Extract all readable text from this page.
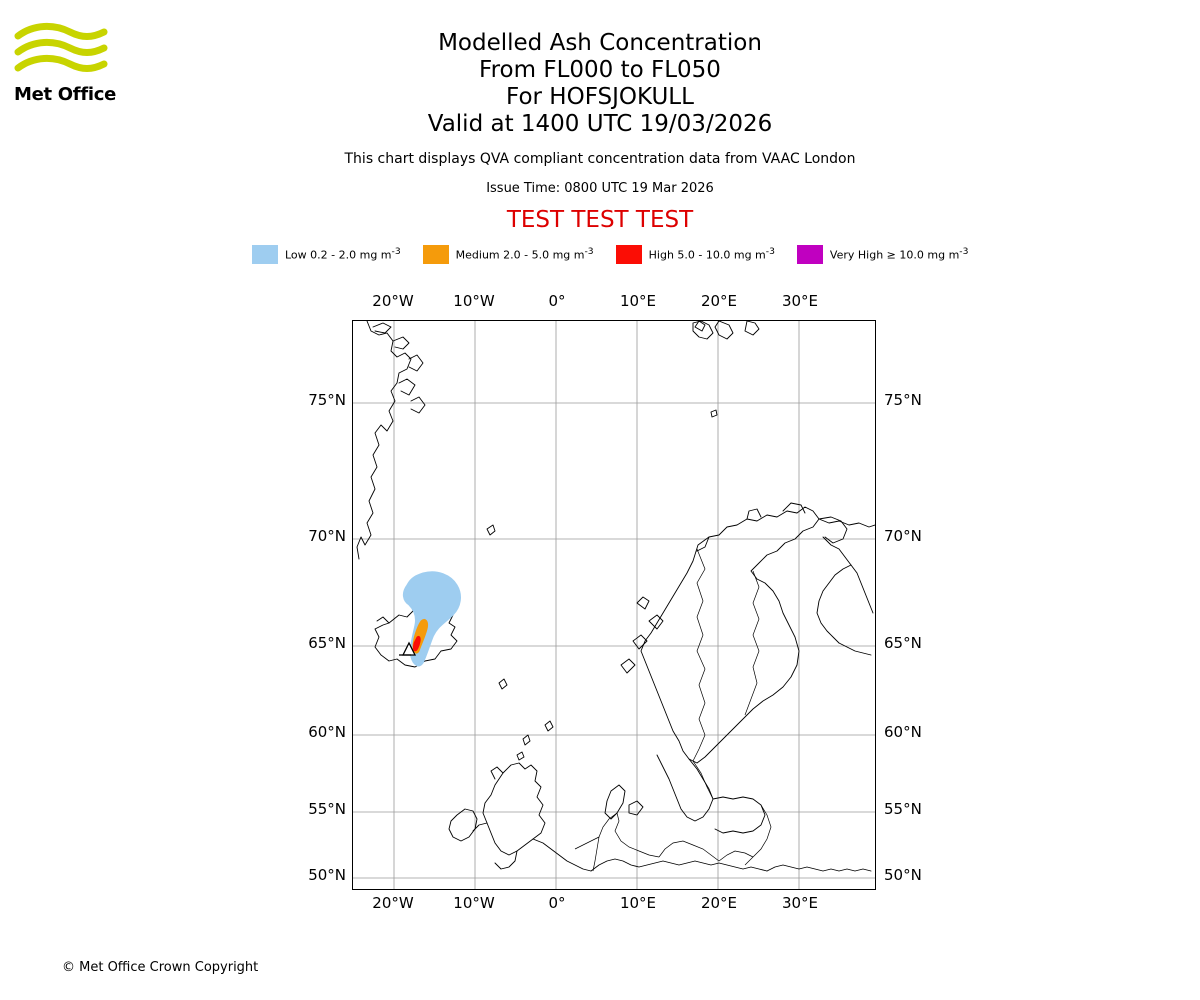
Met Office
Modelled Ash Concentration
From FL000 to FL050
For HOFSJOKULL
Valid at 1400 UTC 19/03/2026
This chart displays QVA compliant concentration data from VAAC London
Issue Time: 0800 UTC 19 Mar 2026
TEST TEST TEST
Low 0.2 - 2.0 mg $m^{-3}$	Medium 2.0 - 5.0 mg $m^{-3}$	High 5.0 - 10.0 mg $m^{-3}$	Very High ≥ 10.0 mg $m^{-3}$
20°W	10°W	0°	10°E	20°E	30°E
20°W	10°W	0°	10°E	20°E	30°E
75°N
70°N
65°N
60°N
55°N
50°N
75°N
70°N
65°N
60°N
55°N
50°N
© Met Office Crown Copyright
